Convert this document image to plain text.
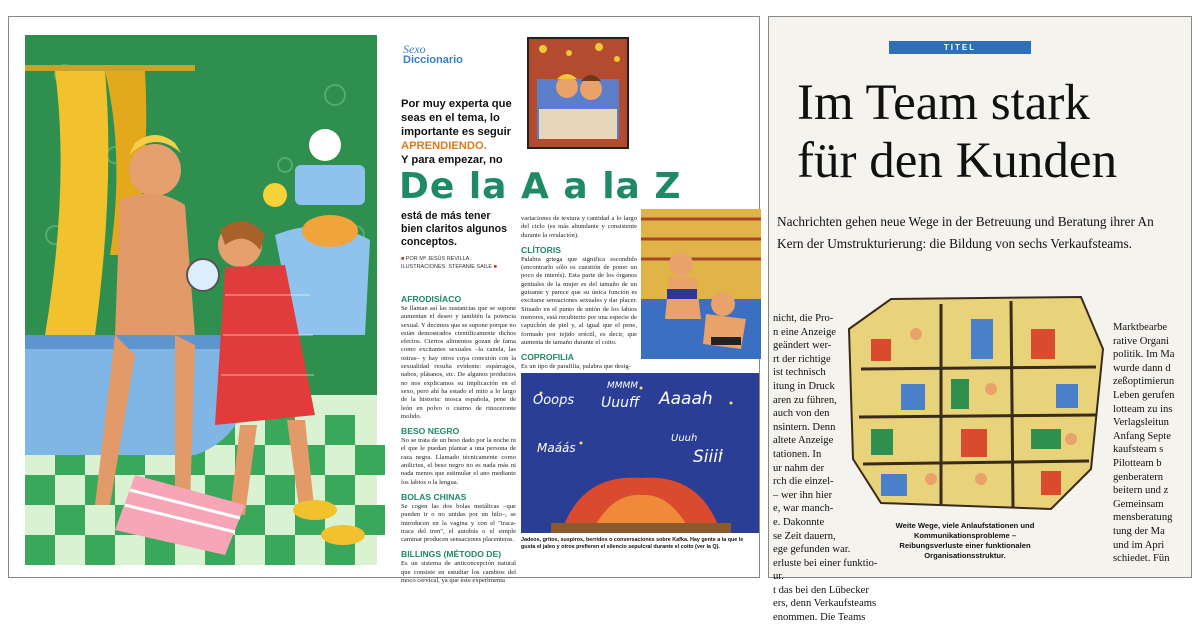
Sexo
Diccionario
Por muy experta que
seas en el tema, lo
importante es seguir
APRENDIENDO.
Y para empezar, no
De la A a la Z
está de más tener
bien claritos algunos
conceptos.
■ POR Mª JESÚS REVILLA.
ILUSTRACIONES: STEFANIE SAILE ■
AFRODISÍACO

Se llaman así las sustancias que se supone aumentan el deseo y también la potencia sexual. Y decimos que se supone porque no están demostrados científicamente dichos efectos. Ciertos alimentos gozan de fama como excitantes sexuales –la canela, las ostras– y hay otros cuya conexión con la sexualidad resulta evidente: espárragos, nabos, plátanos, etc. De algunos productos no nos explicamos su implicación en el sexo, pero ahí ha estado el mito a lo largo de la historia: mosca española, pene de león en polvo o cuerno de rinoceronte molido.

BESO NEGRO

No se trata de un beso dado por la noche ni el que le puedan plantar a una persona de raza negra. Llamado técnicamente como anilictus, el beso negro no es nada más ni nada menos que estimular el ano mediante los labios o la lengua.

BOLAS CHINAS

Se cogen las dos bolas metálicas –que pueden ir o no unidas por un hilo–, se introducen en la vagina y con el "traca-traca del tren", el autobús o el simple caminar producen sensaciones placenteras.

BILLINGS (MÉTODO DE)

Es un sistema de anticoncepción natural que consiste en estudiar los cambios del moco cervical, ya que éste experimenta

variaciones de textura y cantidad a lo largo del ciclo (es más abundante y consistente durante la ovulación).

CLÍTORIS

Palabra griega que significa escondido (encontrarlo sólo es cuestión de poner un poco de interés). Esta parte de los órganos genitales de la mujer es del tamaño de un guisante y parece que su única función es excitarse sensaciones sexuales y dar placer. Situado en el punto de unión de los labios menores, está recubierto por una especie de capuchón de piel y, al igual que el pene, formado por tejido eréctil, es decir, que aumenta de tamaño durante el coito.

COPROFILIA

Es un tipo de parafilia, palabra que desig-

Ooops
MMMM
Uuuff Aaaah
Maáás
Uuuh
Siiii
Jadeos, gritos, suspiros, berridos o conversaciones sobre Kafka. Hay gente a la que le gusta el jaleo y otros prefieren el silencio sepulcral durante el coito (ver la Q).
TITEL
Im Team stark
für den Kunden
Nachrichten gehen neue Wege in der Betreuung und Beratung ihrer An
Kern der Umstrukturierung: die Bildung von sechs Verkaufsteams.
nicht, die Pro-
n eine Anzeige
geändert wer-
rt der richtige
ist technisch
itung in Druck
aren zu führen,
auch von den
nsintern. Denn
altete Anzeige
tationen. In
ur nahm der
rch die einzel-
– wer ihn hier
e, war manch-
e. Dakonnte
se Zeit dauern,
ege gefunden war.
erluste bei einer funktio-
ur.
t das bei den Lübecker
ers, denn Verkaufsteams
enommen. Die Teams
Marktbearbe
rative Organi
politik. Im Ma
wurde dann d
zeßoptimierun
Leben gerufen
lotteam zu ins
Verlagsleitun
Anfang Septe
kaufsteam s
Pilotteam b
genberatern
beitern und z
Gemeinsam
mensberatung
tung der Ma
und im Apri
schiedet. Fün
Weite Wege, viele Anlaufstationen und
Kommunikationsprobleme –
Reibungsverluste einer funktionalen
Organisationsstruktur.
